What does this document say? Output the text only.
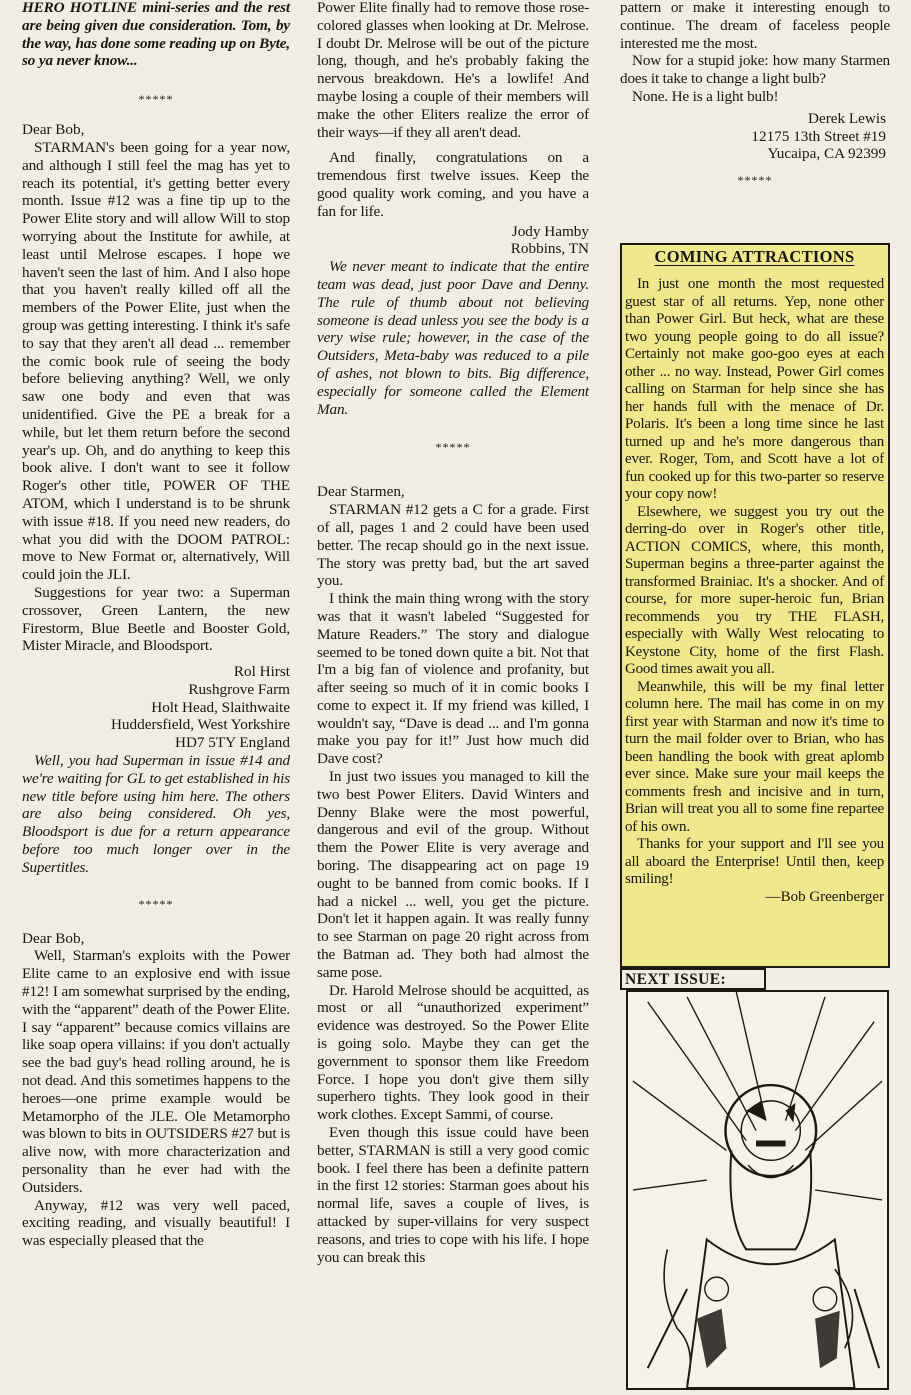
HERO HOTLINE mini-series and the rest are being given due consideration. Tom, by the way, has done some reading up on Byte, so ya never know...

*****

Dear Bob,

STARMAN's been going for a year now, and although I still feel the mag has yet to reach its potential, it's getting better every month. Issue #12 was a fine tip up to the Power Elite story and will allow Will to stop worrying about the Institute for awhile, at least until Melrose escapes. I hope we haven't seen the last of him. And I also hope that you haven't really killed off all the members of the Power Elite, just when the group was getting interesting. I think it's safe to say that they aren't all dead ... remember the comic book rule of seeing the body before believing anything? Well, we only saw one body and even that was unidentified. Give the PE a break for a while, but let them return before the second year's up. Oh, and do anything to keep this book alive. I don't want to see it follow Roger's other title, POWER OF THE ATOM, which I understand is to be shrunk with issue #18. If you need new readers, do what you did with the DOOM PATROL: move to New Format or, alternatively, Will could join the JLI.

Suggestions for year two: a Superman crossover, Green Lantern, the new Firestorm, Blue Beetle and Booster Gold, Mister Miracle, and Bloodsport.

Rol Hirst

Rushgrove Farm

Holt Head, Slaithwaite

Huddersfield, West Yorkshire

HD7 5TY England

Well, you had Superman in issue #14 and we're waiting for GL to get established in his new title before using him here. The others are also being considered. Oh yes, Bloodsport is due for a return appearance before too much longer over in the Supertitles.

*****

Dear Bob,

Well, Starman's exploits with the Power Elite came to an explosive end with issue #12! I am somewhat surprised by the ending, with the “apparent” death of the Power Elite. I say “apparent” because comics villains are like soap opera villains: if you don't actually see the bad guy's head rolling around, he is not dead. And this sometimes happens to the heroes—one prime example would be Metamorpho of the JLE. Ole Metamorpho was blown to bits in OUTSIDERS #27 but is alive now, with more characterization and personality than he ever had with the Outsiders.

Anyway, #12 was very well paced, exciting reading, and visually beautiful! I was especially pleased that the

Power Elite finally had to remove those rose-colored glasses when looking at Dr. Melrose. I doubt Dr. Melrose will be out of the picture long, though, and he's probably faking the nervous breakdown. He's a lowlife! And maybe losing a couple of their members will make the other Eliters realize the error of their ways—if they all aren't dead.

And finally, congratulations on a tremendous first twelve issues. Keep the good quality work coming, and you have a fan for life.

Jody Hamby

Robbins, TN

We never meant to indicate that the entire team was dead, just poor Dave and Denny. The rule of thumb about not believing someone is dead unless you see the body is a very wise rule; however, in the case of the Outsiders, Meta-baby was reduced to a pile of ashes, not blown to bits. Big difference, especially for someone called the Element Man.

*****

Dear Starmen,

STARMAN #12 gets a C for a grade. First of all, pages 1 and 2 could have been used better. The recap should go in the next issue. The story was pretty bad, but the art saved you.

I think the main thing wrong with the story was that it wasn't labeled “Suggested for Mature Readers.” The story and dialogue seemed to be toned down quite a bit. Not that I'm a big fan of violence and profanity, but after seeing so much of it in comic books I come to expect it. If my friend was killed, I wouldn't say, “Dave is dead ... and I'm gonna make you pay for it!” Just how much did Dave cost?

In just two issues you managed to kill the two best Power Eliters. David Winters and Denny Blake were the most powerful, dangerous and evil of the group. Without them the Power Elite is very average and boring. The disappearing act on page 19 ought to be banned from comic books. If I had a nickel ... well, you get the picture. Don't let it happen again. It was really funny to see Starman on page 20 right across from the Batman ad. They both had almost the same pose.

Dr. Harold Melrose should be acquitted, as most or all “unauthorized experiment” evidence was destroyed. So the Power Elite is going solo. Maybe they can get the government to sponsor them like Freedom Force. I hope you don't give them silly superhero tights. They look good in their work clothes. Except Sammi, of course.

Even though this issue could have been better, STARMAN is still a very good comic book. I feel there has been a definite pattern in the first 12 stories: Starman goes about his normal life, saves a couple of lives, is attacked by super-villains for very suspect reasons, and tries to cope with his life. I hope you can break this

pattern or make it interesting enough to continue. The dream of faceless people interested me the most.

Now for a stupid joke: how many Starmen does it take to change a light bulb?

None. He is a light bulb!

Derek Lewis

12175 13th Street #19

Yucaipa, CA 92399

*****

COMING ATTRACTIONS

In just one month the most requested guest star of all returns. Yep, none other than Power Girl. But heck, what are these two young people going to do all issue? Certainly not make goo-goo eyes at each other ... no way. Instead, Power Girl comes calling on Starman for help since she has her hands full with the menace of Dr. Polaris. It's been a long time since he last turned up and he's more dangerous than ever. Roger, Tom, and Scott have a lot of fun cooked up for this two-parter so reserve your copy now!

Elsewhere, we suggest you try out the derring-do over in Roger's other title, ACTION COMICS, where, this month, Superman begins a three-parter against the transformed Brainiac. It's a shocker. And of course, for more super-heroic fun, Brian recommends you try THE FLASH, especially with Wally West relocating to Keystone City, home of the first Flash. Good times await you all.

Meanwhile, this will be my final letter column here. The mail has come in on my first year with Starman and now it's time to turn the mail folder over to Brian, who has been handling the book with great aplomb ever since. Make sure your mail keeps the comments fresh and incisive and in turn, Brian will treat you all to some fine repartee of his own.

Thanks for your support and I'll see you all aboard the Enterprise! Until then, keep smiling!

—Bob Greenberger

NEXT ISSUE:
